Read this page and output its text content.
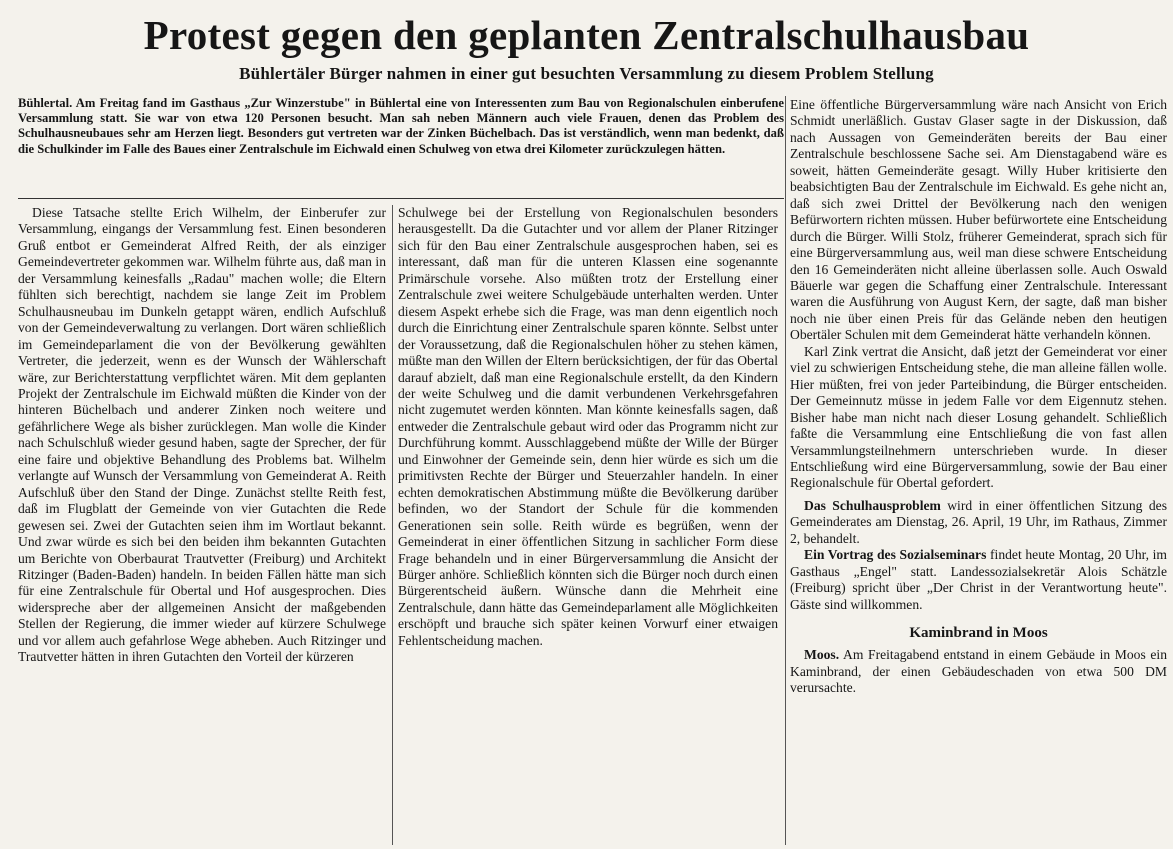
Protest gegen den geplanten Zentralschulhausbau
Bühlertäler Bürger nahmen in einer gut besuchten Versammlung zu diesem Problem Stellung

Bühlertal. Am Freitag fand im Gasthaus „Zur Winzerstube" in Bühlertal eine von Interessenten zum Bau von Regionalschulen einberufene Versammlung statt. Sie war von etwa 120 Personen besucht. Man sah neben Männern auch viele Frauen, denen das Problem des Schulhausneubaues sehr am Herzen liegt. Besonders gut vertreten war der Zinken Büchelbach. Das ist verständlich, wenn man bedenkt, daß die Schulkinder im Falle des Baues einer Zentralschule im Eichwald einen Schulweg von etwa drei Kilometer zurückzulegen hätten.

Diese Tatsache stellte Erich Wilhelm, der Einberufer zur Versammlung, eingangs der Versammlung fest. Einen besonderen Gruß entbot er Gemeinderat Alfred Reith, der als einziger Gemeindevertreter gekommen war. Wilhelm führte aus, daß man in der Versammlung keinesfalls „Radau" machen wolle; die Eltern fühlten sich berechtigt, nachdem sie lange Zeit im Problem Schulhausneubau im Dunkeln getappt wären, endlich Aufschluß von der Gemeindeverwaltung zu verlangen. Dort wären schließlich im Gemeindeparlament die von der Bevölkerung gewählten Vertreter, die jederzeit, wenn es der Wunsch der Wählerschaft wäre, zur Berichterstattung verpflichtet wären. Mit dem geplanten Projekt der Zentralschule im Eichwald müßten die Kinder von der hinteren Büchelbach und anderer Zinken noch weitere und gefährlichere Wege als bisher zurücklegen. Man wolle die Kinder nach Schulschluß wieder gesund haben, sagte der Sprecher, der für eine faire und objektive Behandlung des Problems bat. Wilhelm verlangte auf Wunsch der Versammlung von Gemeinderat A. Reith Aufschluß über den Stand der Dinge. Zunächst stellte Reith fest, daß im Flugblatt der Gemeinde von vier Gutachten die Rede gewesen sei. Zwei der Gutachten seien ihm im Wortlaut bekannt. Und zwar würde es sich bei den beiden ihm bekannten Gutachten um Berichte von Oberbaurat Trautvetter (Freiburg) und Architekt Ritzinger (Baden-Baden) handeln. In beiden Fällen hätte man sich für eine Zentralschule für Obertal und Hof ausgesprochen. Dies widerspreche aber der allgemeinen Ansicht der maßgebenden Stellen der Regierung, die immer wieder auf kürzere Schulwege und vor allem auch gefahrlose Wege abheben. Auch Ritzinger und Trautvetter hätten in ihren Gutachten den Vorteil der kürzeren

Schulwege bei der Erstellung von Regionalschulen besonders herausgestellt. Da die Gutachter und vor allem der Planer Ritzinger sich für den Bau einer Zentralschule ausgesprochen haben, sei es interessant, daß man für die unteren Klassen eine sogenannte Primärschule vorsehe. Also müßten trotz der Erstellung einer Zentralschule zwei weitere Schulgebäude unterhalten werden. Unter diesem Aspekt erhebe sich die Frage, was man denn eigentlich noch durch die Einrichtung einer Zentralschule sparen könnte. Selbst unter der Voraussetzung, daß die Regionalschulen höher zu stehen kämen, müßte man den Willen der Eltern berücksichtigen, der für das Obertal darauf abzielt, daß man eine Regionalschule erstellt, da den Kindern der weite Schulweg und die damit verbundenen Verkehrsgefahren nicht zugemutet werden könnten. Man könnte keinesfalls sagen, daß entweder die Zentralschule gebaut wird oder das Programm nicht zur Durchführung kommt. Ausschlaggebend müßte der Wille der Bürger und Einwohner der Gemeinde sein, denn hier würde es sich um die primitivsten Rechte der Bürger und Steuerzahler handeln. In einer echten demokratischen Abstimmung müßte die Bevölkerung darüber befinden, wo der Standort der Schule für die kommenden Generationen sein solle. Reith würde es begrüßen, wenn der Gemeinderat in einer öffentlichen Sitzung in sachlicher Form diese Frage behandeln und in einer Bürgerversammlung die Ansicht der Bürger anhöre. Schließlich könnten sich die Bürger noch durch einen Bürgerentscheid äußern. Wünsche dann die Mehrheit eine Zentralschule, dann hätte das Gemeindeparlament alle Möglichkeiten erschöpft und brauche sich später keinen Vorwurf einer etwaigen Fehlentscheidung machen.

Eine öffentliche Bürgerversammlung wäre nach Ansicht von Erich Schmidt unerläßlich. Gustav Glaser sagte in der Diskussion, daß nach Aussagen von Gemeinderäten bereits der Bau einer Zentralschule beschlossene Sache sei. Am Dienstagabend wäre es soweit, hätten Gemeinderäte gesagt. Willy Huber kritisierte den beabsichtigten Bau der Zentralschule im Eichwald. Es gehe nicht an, daß sich zwei Drittel der Bevölkerung nach den wenigen Befürwortern richten müssen. Huber befürwortete eine Entscheidung durch die Bürger. Willi Stolz, früherer Gemeinderat, sprach sich für eine Bürgerversammlung aus, weil man diese schwere Entscheidung den 16 Gemeinderäten nicht alleine überlassen solle. Auch Oswald Bäuerle war gegen die Schaffung einer Zentralschule. Interessant waren die Ausführung von August Kern, der sagte, daß man bisher noch nie über einen Preis für das Gelände neben den heutigen Obertäler Schulen mit dem Gemeinderat hätte verhandeln können.

Karl Zink vertrat die Ansicht, daß jetzt der Gemeinderat vor einer viel zu schwierigen Entscheidung stehe, die man alleine fällen wolle. Hier müßten, frei von jeder Parteibindung, die Bürger entscheiden. Der Gemeinnutz müsse in jedem Falle vor dem Eigennutz stehen. Bisher habe man nicht nach dieser Losung gehandelt. Schließlich faßte die Versammlung eine Entschließung die von fast allen Versammlungsteilnehmern unterschrieben wurde. In dieser Entschließung wird eine Bürgerversammlung, sowie der Bau einer Regionalschule für Obertal gefordert.

Das Schulhausproblem wird in einer öffentlichen Sitzung des Gemeinderates am Dienstag, 26. April, 19 Uhr, im Rathaus, Zimmer 2, behandelt.

Ein Vortrag des Sozialseminars findet heute Montag, 20 Uhr, im Gasthaus „Engel" statt. Landessozialsekretär Alois Schätzle (Freiburg) spricht über „Der Christ in der Verantwortung heute". Gäste sind willkommen.

Kaminbrand in Moos

Moos. Am Freitagabend entstand in einem Gebäude in Moos ein Kaminbrand, der einen Gebäudeschaden von etwa 500 DM verursachte.
